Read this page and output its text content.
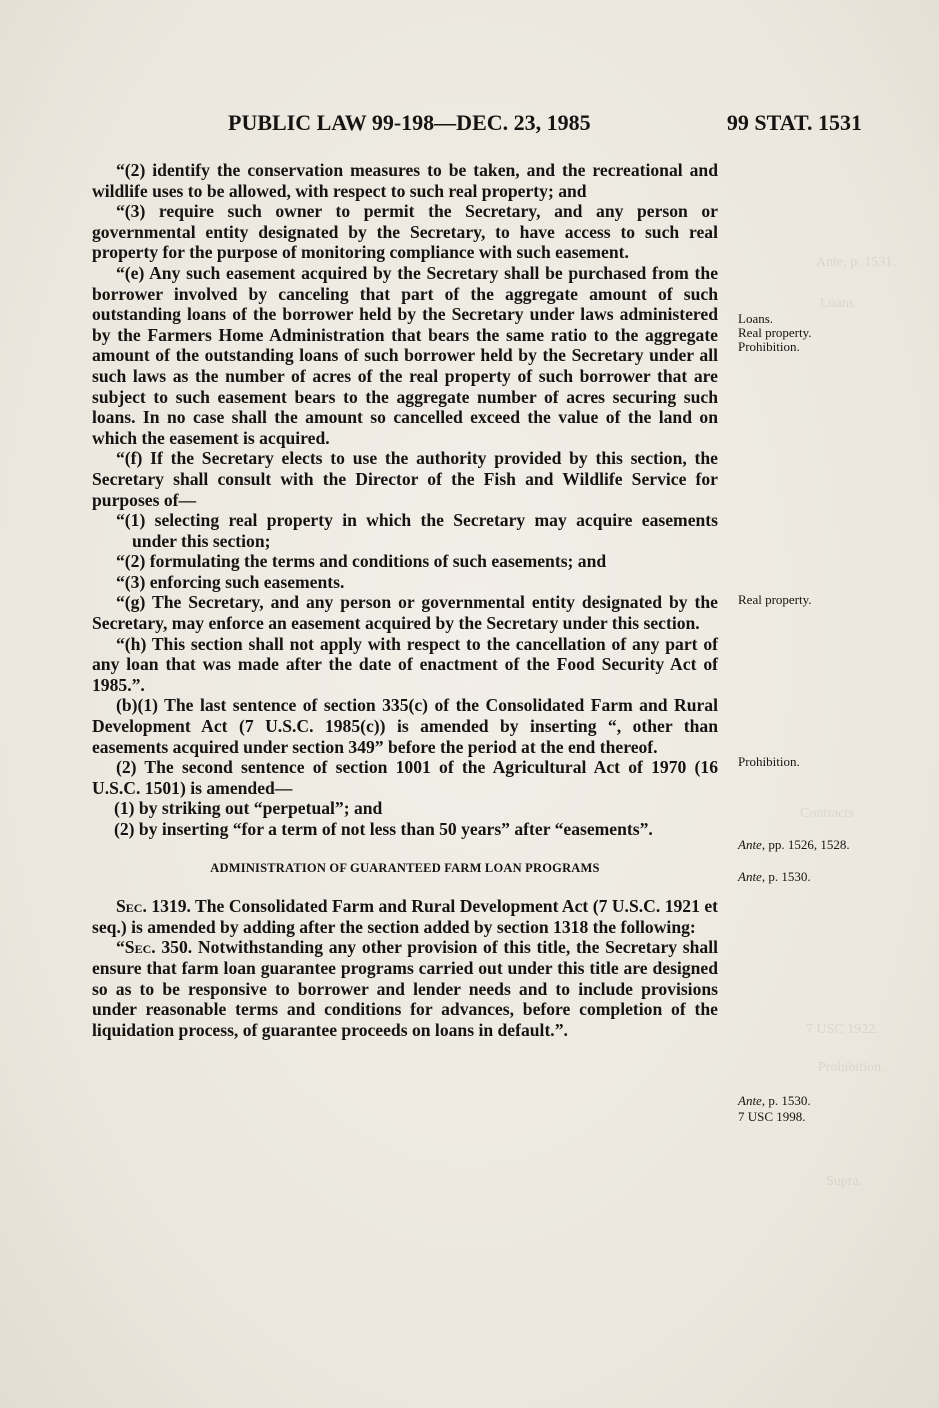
Ante, p. 1531.
Loans
Contracts
Prohibition.
7 USC 1922.
Supra.
PUBLIC LAW 99-198—DEC. 23, 1985	99 STAT. 1531

“(2) identify the conservation measures to be taken, and the recreational and wildlife uses to be allowed, with respect to such real property; and

“(3) require such owner to permit the Secretary, and any person or governmental entity designated by the Secretary, to have access to such real property for the purpose of monitoring compliance with such easement.

“(e) Any such easement acquired by the Secretary shall be purchased from the borrower involved by canceling that part of the aggregate amount of such outstanding loans of the borrower held by the Secretary under laws administered by the Farmers Home Administration that bears the same ratio to the aggregate amount of the outstanding loans of such borrower held by the Secretary under all such laws as the number of acres of the real property of such borrower that are subject to such easement bears to the aggregate number of acres securing such loans. In no case shall the amount so cancelled exceed the value of the land on which the easement is acquired.

“(f) If the Secretary elects to use the authority provided by this section, the Secretary shall consult with the Director of the Fish and Wildlife Service for purposes of—

“(1) selecting real property in which the Secretary may acquire easements under this section;

“(2) formulating the terms and conditions of such easements; and

“(3) enforcing such easements.

“(g) The Secretary, and any person or governmental entity designated by the Secretary, may enforce an easement acquired by the Secretary under this section.

“(h) This section shall not apply with respect to the cancellation of any part of any loan that was made after the date of enactment of the Food Security Act of 1985.”.

(b)(1) The last sentence of section 335(c) of the Consolidated Farm and Rural Development Act (7 U.S.C. 1985(c)) is amended by inserting “, other than easements acquired under section 349” before the period at the end thereof.

(2) The second sentence of section 1001 of the Agricultural Act of 1970 (16 U.S.C. 1501) is amended—

(1) by striking out “perpetual”; and

(2) by inserting “for a term of not less than 50 years” after “easements”.

ADMINISTRATION OF GUARANTEED FARM LOAN PROGRAMS

Sec. 1319. The Consolidated Farm and Rural Development Act (7 U.S.C. 1921 et seq.) is amended by adding after the section added by section 1318 the following:

“Sec. 350. Notwithstanding any other provision of this title, the Secretary shall ensure that farm loan guarantee programs carried out under this title are designed so as to be responsive to borrower and lender needs and to include provisions under reasonable terms and conditions for advances, before completion of the liquidation process, of guarantee proceeds on loans in default.”.

Loans.
Real property.
Prohibition.
Real property.
Prohibition.
Ante, pp. 1526, 1528.
Ante, p. 1530.
Ante, p. 1530.
7 USC 1998.
